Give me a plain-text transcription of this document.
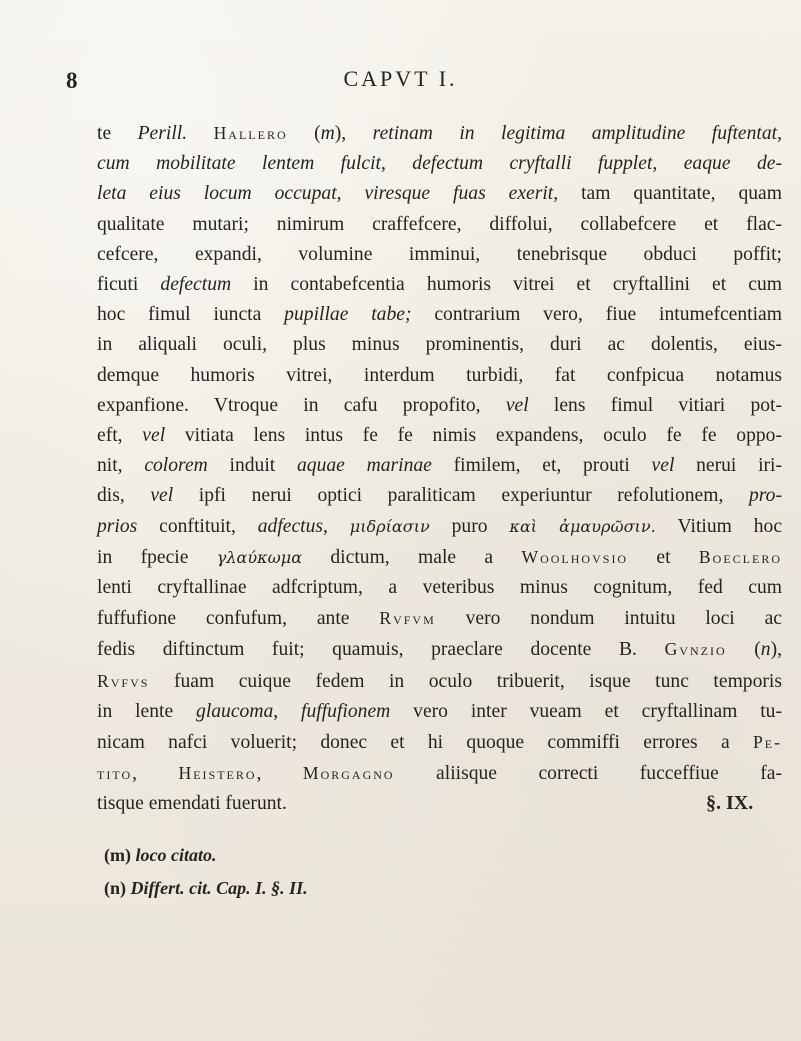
8	CAPVT I.
te Perill. Hallero (m), retinam in legitima amplitudine fuftentat,
cum mobilitate lentem fulcit, defectum cryftalli fupplet, eaque de-
leta eius locum occupat, viresque fuas exerit, tam quantitate, quam
qualitate mutari; nimirum craffefcere, diffolui, collabefcere et flac-
cefcere, expandi, volumine imminui, tenebrisque obduci poffit;
ficuti defectum in contabefcentia humoris vitrei et cryftallini et cum
hoc fimul iuncta pupillae tabe; contrarium vero, fiue intumefcentiam
in aliquali oculi, plus minus prominentis, duri ac dolentis, eius-
demque humoris vitrei, interdum turbidi, fat confpicua notamus
expanfione. Vtroque in cafu propofito, vel lens fimul vitiari pot-
eft, vel vitiata lens intus fe fe nimis expandens, oculo fe fe oppo-
nit, colorem induit aquae marinae fimilem, et, prouti vel nerui iri-
dis, vel ipfi nerui optici paraliticam experiuntur refolutionem, pro-
prios conftituit, adfectus, μιδρίασιν puro καὶ ἀμαυρῶσιν. Vitium hoc
in fpecie γλαύκωμα dictum, male a Woolhovsio et Boeclero
lenti cryftallinae adfcriptum, a veteribus minus cognitum, fed cum
fuffufione confufum, ante Rvfvm vero nondum intuitu loci ac
fedis diftinctum fuit; quamuis, praeclare docente B. Gvnzio (n),
Rvfvs fuam cuique fedem in oculo tribuerit, isque tunc temporis
in lente glaucoma, fuffufionem vero inter vueam et cryftallinam tu-
nicam nafci voluerit; donec et hi quoque commiffi errores a Pe-
tito, Heistero, Morgagno aliisque correcti fucceffiue fa-
tisque emendati fuerunt.	§. IX.
(m) loco citato.
(n) Differt. cit. Cap. I. §. II.
